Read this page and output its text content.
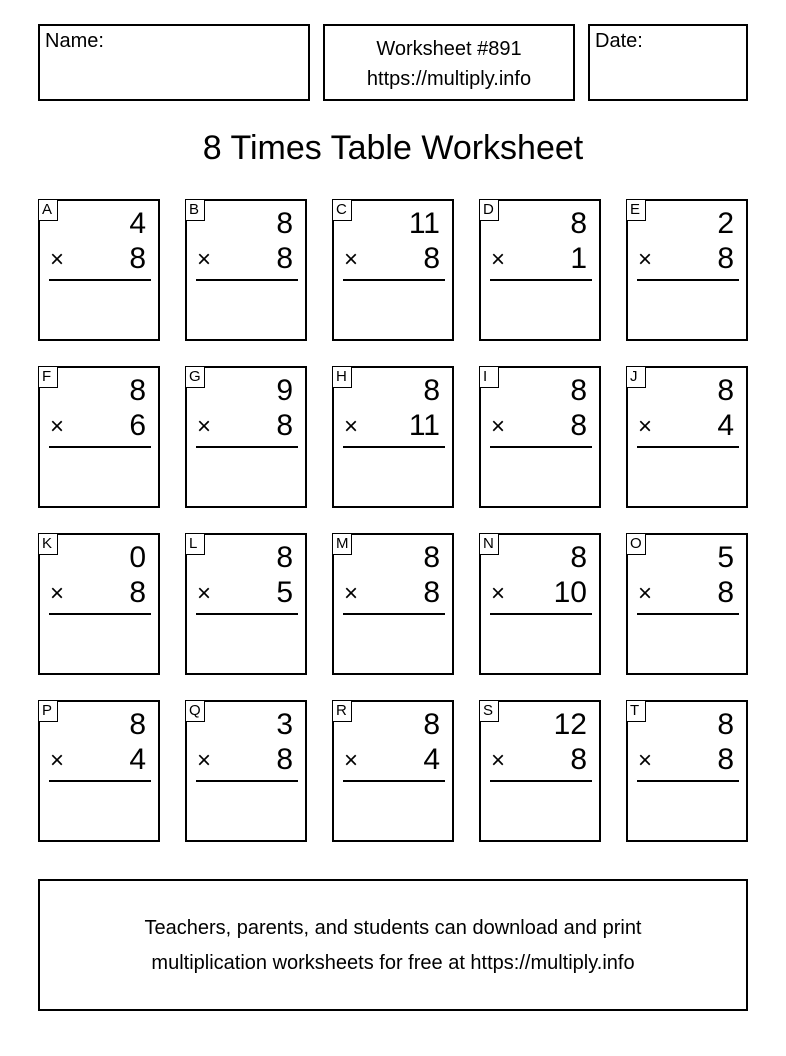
Name:	Worksheet #891
https://multiply.info
Date:
8 Times Table Worksheet
A	4
× 8
B	8
× 8
C 11
× 8
D	8
× 1
E	2
× 8
F	8
× 6
G	9
× 8
H	8
× 11
I	8
× 8
J	8
× 4
K	0
× 8
L	8
× 5
M 8
× 8
N	8
× 10
O	5
× 8
P	8
× 4
Q	3
× 8
R	8
× 4
S 12
× 8
T	8
× 8
Teachers, parents, and students can download and print
multiplication worksheets for free at https://multiply.info
